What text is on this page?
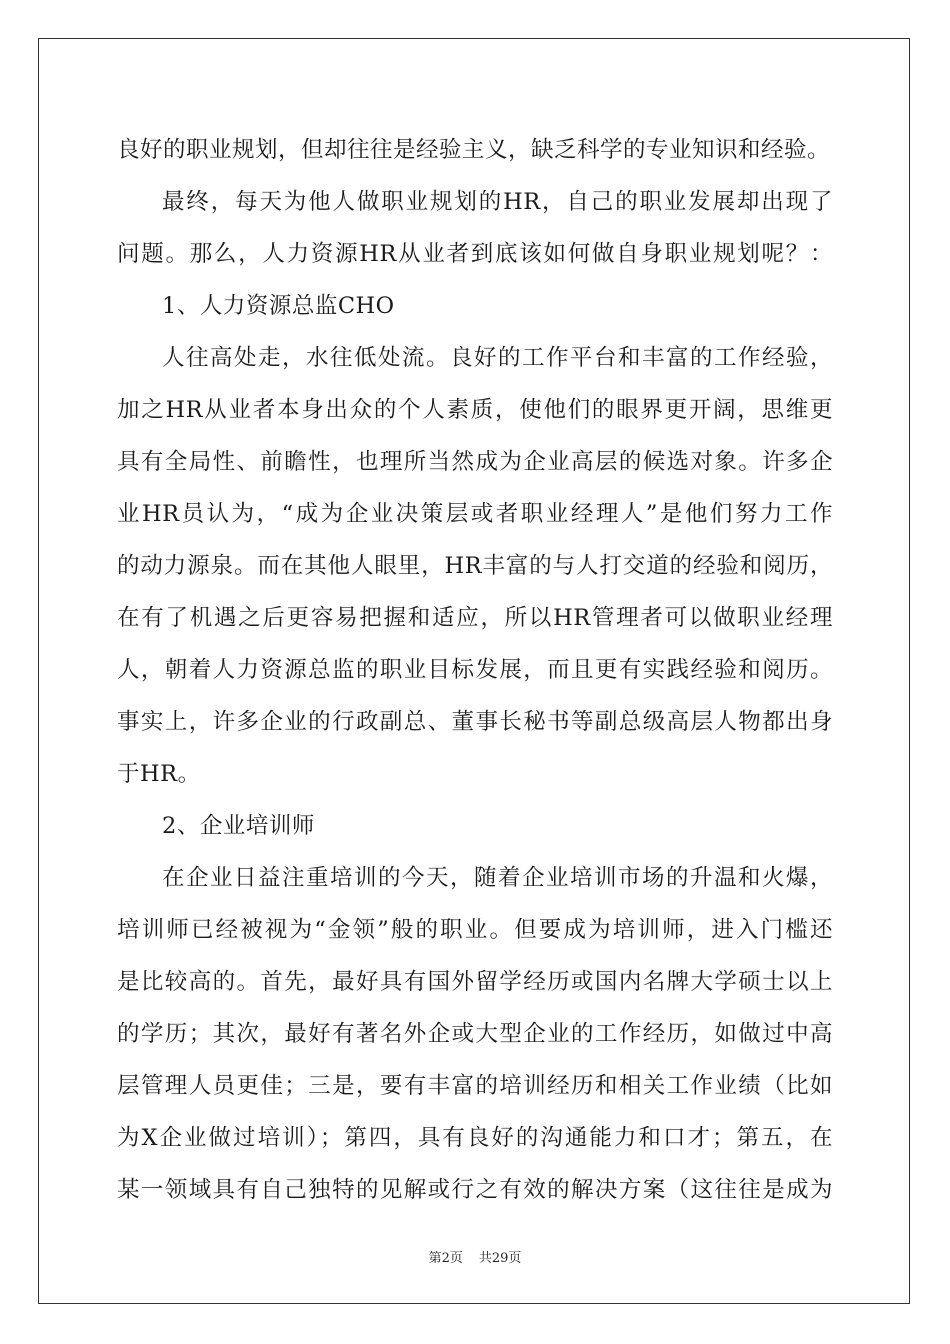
良好的职业规划，但却往往是经验主义，缺乏科学的专业知识和经验。
最终，每天为他人做职业规划的HR，自己的职业发展却出现了
问题。那么，人力资源HR从业者到底该如何做自身职业规划呢？：
1、人力资源总监CHO
人往高处走，水往低处流。良好的工作平台和丰富的工作经验，
加之HR从业者本身出众的个人素质，使他们的眼界更开阔，思维更
具有全局性、前瞻性，也理所当然成为企业高层的候选对象。许多企
业HR员认为，“成为企业决策层或者职业经理人”是他们努力工作
的动力源泉。而在其他人眼里，HR丰富的与人打交道的经验和阅历，
在有了机遇之后更容易把握和适应，所以HR管理者可以做职业经理
人，朝着人力资源总监的职业目标发展，而且更有实践经验和阅历。
事实上，许多企业的行政副总、董事长秘书等副总级高层人物都出身
于HR。
2、企业培训师
在企业日益注重培训的今天，随着企业培训市场的升温和火爆，
培训师已经被视为“金领”般的职业。但要成为培训师，进入门槛还
是比较高的。首先，最好具有国外留学经历或国内名牌大学硕士以上
的学历；其次，最好有著名外企或大型企业的工作经历，如做过中高
层管理人员更佳；三是，要有丰富的培训经历和相关工作业绩（比如
为X企业做过培训）；第四，具有良好的沟通能力和口才；第五，在
某一领域具有自己独特的见解或行之有效的解决方案（这往往是成为
第2页 共29页
